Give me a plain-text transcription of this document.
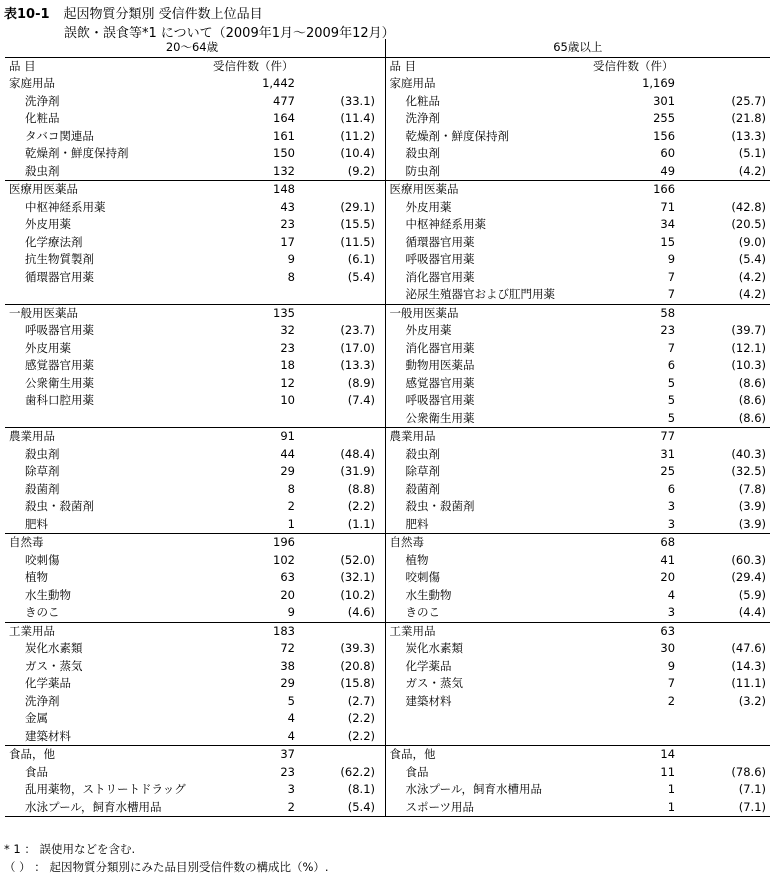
表10-1 起因物質分類別 受信件数上位品目
誤飲・誤食等*1 について（2009年1月～2009年12月）
20～64歳				65歳以上		
品 目	受信件数（件）			品 目	受信件数（件）	
家庭用品	1,442			家庭用品	1,169	
洗浄剤	477	(33.1)		化粧品	301	(25.7)
化粧品	164	(11.4)		洗浄剤	255	(21.8)
タバコ関連品	161	(11.2)		乾燥剤・鮮度保持剤	156	(13.3)
乾燥剤・鮮度保持剤	150	(10.4)		殺虫剤	60	(5.1)
殺虫剤	132	(9.2)		防虫剤	49	(4.2)
医療用医薬品	148			医療用医薬品	166	
中枢神経系用薬	43	(29.1)		外皮用薬	71	(42.8)
外皮用薬	23	(15.5)		中枢神経系用薬	34	(20.5)
化学療法剤	17	(11.5)		循環器官用薬	15	(9.0)
抗生物質製剤	9	(6.1)		呼吸器官用薬	9	(5.4)
循環器官用薬	8	(5.4)		消化器官用薬	7	(4.2)
				泌尿生殖器官および肛門用薬	7	(4.2)
一般用医薬品	135			一般用医薬品	58	
呼吸器官用薬	32	(23.7)		外皮用薬	23	(39.7)
外皮用薬	23	(17.0)		消化器官用薬	7	(12.1)
感覚器官用薬	18	(13.3)		動物用医薬品	6	(10.3)
公衆衛生用薬	12	(8.9)		感覚器官用薬	5	(8.6)
歯科口腔用薬	10	(7.4)		呼吸器官用薬	5	(8.6)
				公衆衛生用薬	5	(8.6)
農業用品	91			農業用品	77	
殺虫剤	44	(48.4)		殺虫剤	31	(40.3)
除草剤	29	(31.9)		除草剤	25	(32.5)
殺菌剤	8	(8.8)		殺菌剤	6	(7.8)
殺虫・殺菌剤	2	(2.2)		殺虫・殺菌剤	3	(3.9)
肥料	1	(1.1)		肥料	3	(3.9)
自然毒	196			自然毒	68	
咬刺傷	102	(52.0)		植物	41	(60.3)
植物	63	(32.1)		咬刺傷	20	(29.4)
水生動物	20	(10.2)		水生動物	4	(5.9)
きのこ	9	(4.6)		きのこ	3	(4.4)
工業用品	183			工業用品	63	
炭化水素類	72	(39.3)		炭化水素類	30	(47.6)
ガス・蒸気	38	(20.8)		化学薬品	9	(14.3)
化学薬品	29	(15.8)		ガス・蒸気	7	(11.1)
洗浄剤	5	(2.7)		建築材料	2	(3.2)
金属	4	(2.2)				
建築材料	4	(2.2)				
食品，他	37			食品，他	14	
食品	23	(62.2)		食品	11	(78.6)
乱用薬物，ストリートドラッグ	3	(8.1)		水泳プール，飼育水槽用品	1	(7.1)
水泳プール，飼育水槽用品	2	(5.4)		スポーツ用品	1	(7.1)
* 1 ： 誤使用などを含む.
（ ） ： 起因物質分類別にみた品目別受信件数の構成比（%）.
